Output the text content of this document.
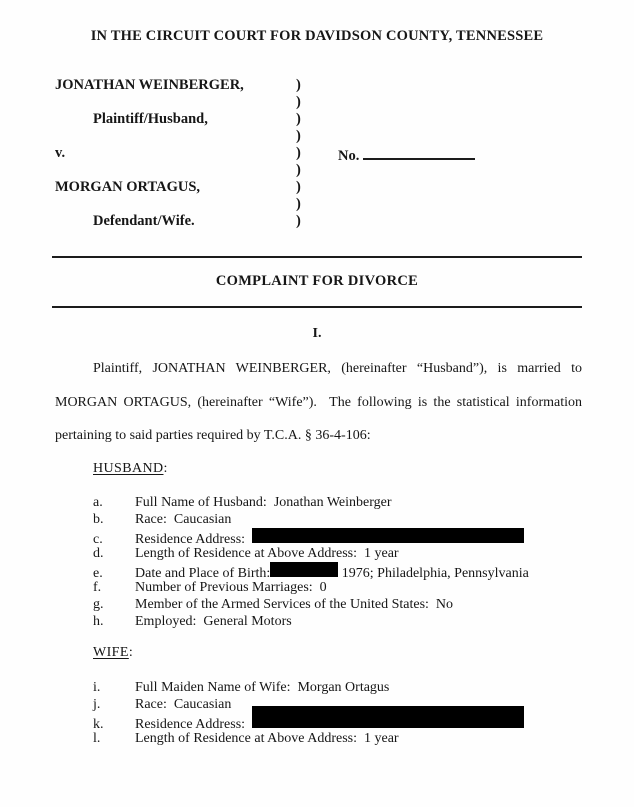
IN THE CIRCUIT COURT FOR DAVIDSON COUNTY, TENNESSEE
JONATHAN WEINBERGER,
Plaintiff/Husband,
v.
MORGAN ORTAGUS,
Defendant/Wife.
)
)
)
)
)
)
)
)
)
No.
COMPLAINT FOR DIVORCE
I.
Plaintiff, JONATHAN WEINBERGER, (hereinafter “Husband”), is married to
MORGAN ORTAGUS, (hereinafter “Wife”).  The following is the statistical information
pertaining to said parties required by T.C.A. § 36-4-106:
HUSBAND:
a.	Full Name of Husband:  Jonathan Weinberger
b.	Race:  Caucasian
c.	Residence Address:
d.	Length of Residence at Above Address:  1 year
e.	Date and Place of Birth:	1976; Philadelphia, Pennsylvania
f.	Number of Previous Marriages:  0
g.	Member of the Armed Services of the United States:  No
h.	Employed:  General Motors
WIFE:
i.	Full Maiden Name of Wife:  Morgan Ortagus
j.	Race:  Caucasian
k.	Residence Address:
l.	Length of Residence at Above Address:  1 year
